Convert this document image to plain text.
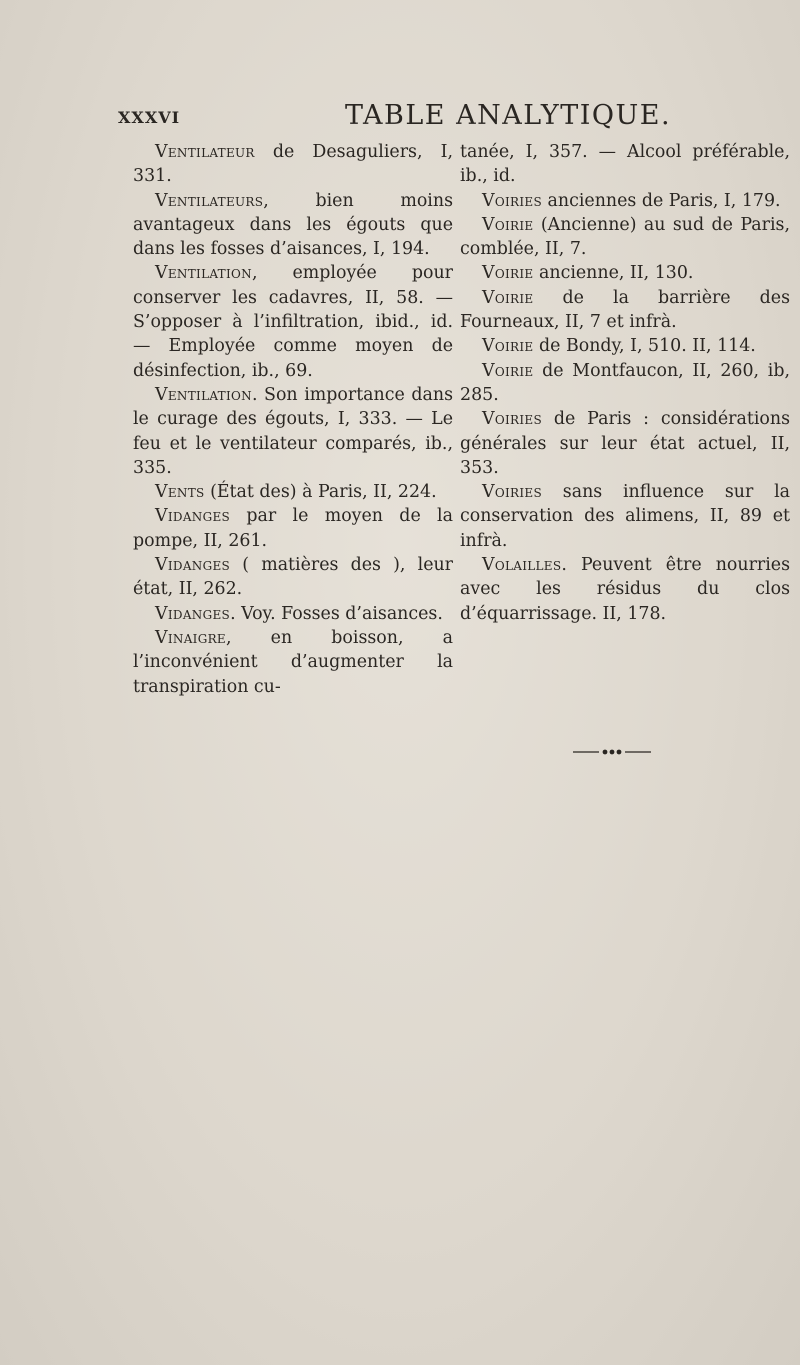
XXXVI	TABLE ANALYTIQUE.

Ventilateur de Desaguliers, I, 331.

Ventilateurs, bien moins avantageux dans les égouts que dans les fosses d’aisances, I, 194.

Ventilation, employée pour conserver les cadavres, II, 58. — S’opposer à l’infiltration, ibid., id. — Employée comme moyen de désinfection, ib., 69.

Ventilation. Son importance dans le curage des égouts, I, 333. — Le feu et le ventilateur comparés, ib., 335.

Vents (État des) à Paris, II, 224.

Vidanges par le moyen de la pompe, II, 261.

Vidanges ( matières des ), leur état, II, 262.

Vidanges. Voy. Fosses d’aisances.

Vinaigre, en boisson, a l’inconvénient d’augmenter la transpiration cu-

tanée, I, 357. — Alcool préférable, ib., id.

Voiries anciennes de Paris, I, 179.

Voirie (Ancienne) au sud de Paris, comblée, II, 7.

Voirie ancienne, II, 130.

Voirie de la barrière des Fourneaux, II, 7 et infrà.

Voirie de Bondy, I, 510. II, 114.

Voirie de Montfaucon, II, 260, ib, 285.

Voiries de Paris : considérations générales sur leur état actuel, II, 353.

Voiries sans influence sur la conservation des alimens, II, 89 et infrà.

Volailles. Peuvent être nourries avec les résidus du clos d’équarrissage. II, 178.
